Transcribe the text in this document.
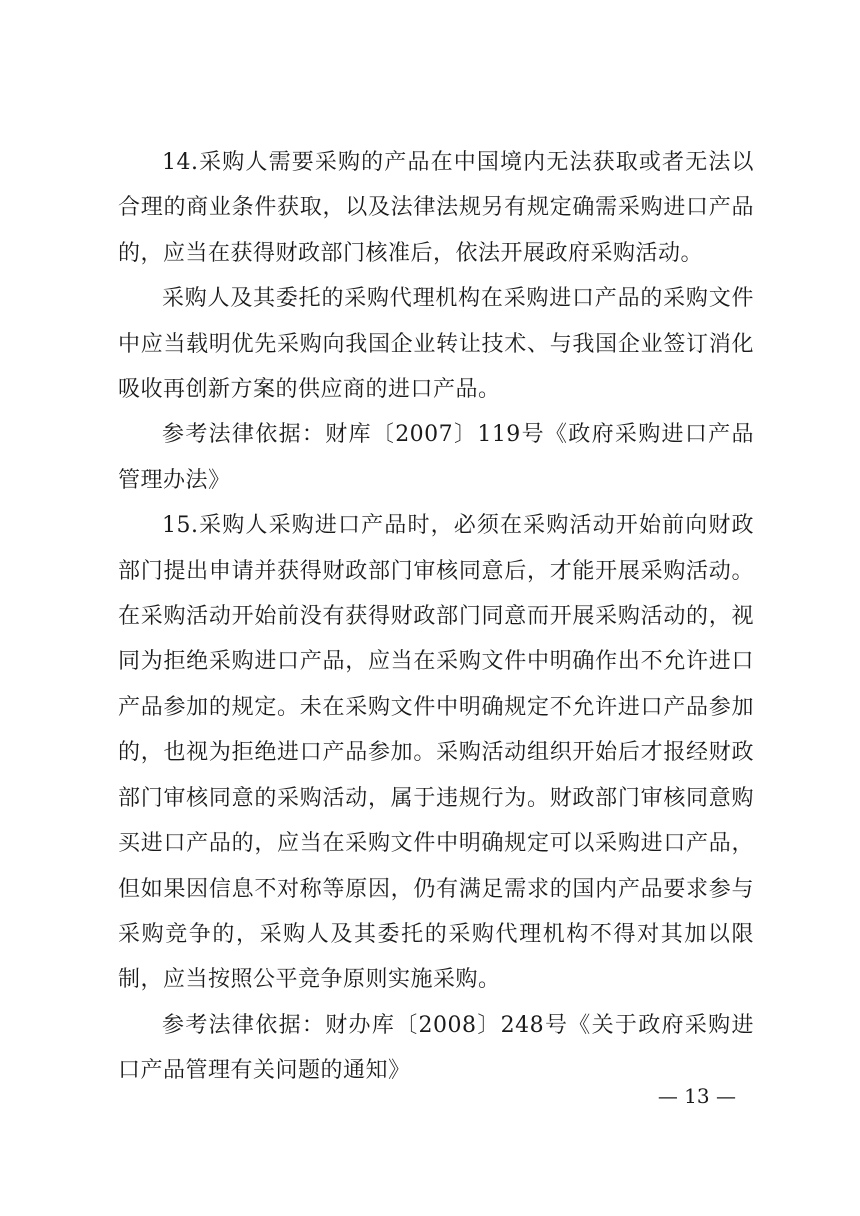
14.采购人需要采购的产品在中国境内无法获取或者无法以合理的商业条件获取，以及法律法规另有规定确需采购进口产品的，应当在获得财政部门核准后，依法开展政府采购活动。

采购人及其委托的采购代理机构在采购进口产品的采购文件中应当载明优先采购向我国企业转让技术、与我国企业签订消化吸收再创新方案的供应商的进口产品。

参考法律依据：财库〔2007〕119号《政府采购进口产品管理办法》

15.采购人采购进口产品时，必须在采购活动开始前向财政部门提出申请并获得财政部门审核同意后，才能开展采购活动。在采购活动开始前没有获得财政部门同意而开展采购活动的，视同为拒绝采购进口产品，应当在采购文件中明确作出不允许进口产品参加的规定。未在采购文件中明确规定不允许进口产品参加的，也视为拒绝进口产品参加。采购活动组织开始后才报经财政部门审核同意的采购活动，属于违规行为。财政部门审核同意购买进口产品的，应当在采购文件中明确规定可以采购进口产品，但如果因信息不对称等原因，仍有满足需求的国内产品要求参与采购竞争的，采购人及其委托的采购代理机构不得对其加以限制，应当按照公平竞争原则实施采购。

参考法律依据：财办库〔2008〕248号《关于政府采购进口产品管理有关问题的通知》

— 13 —
